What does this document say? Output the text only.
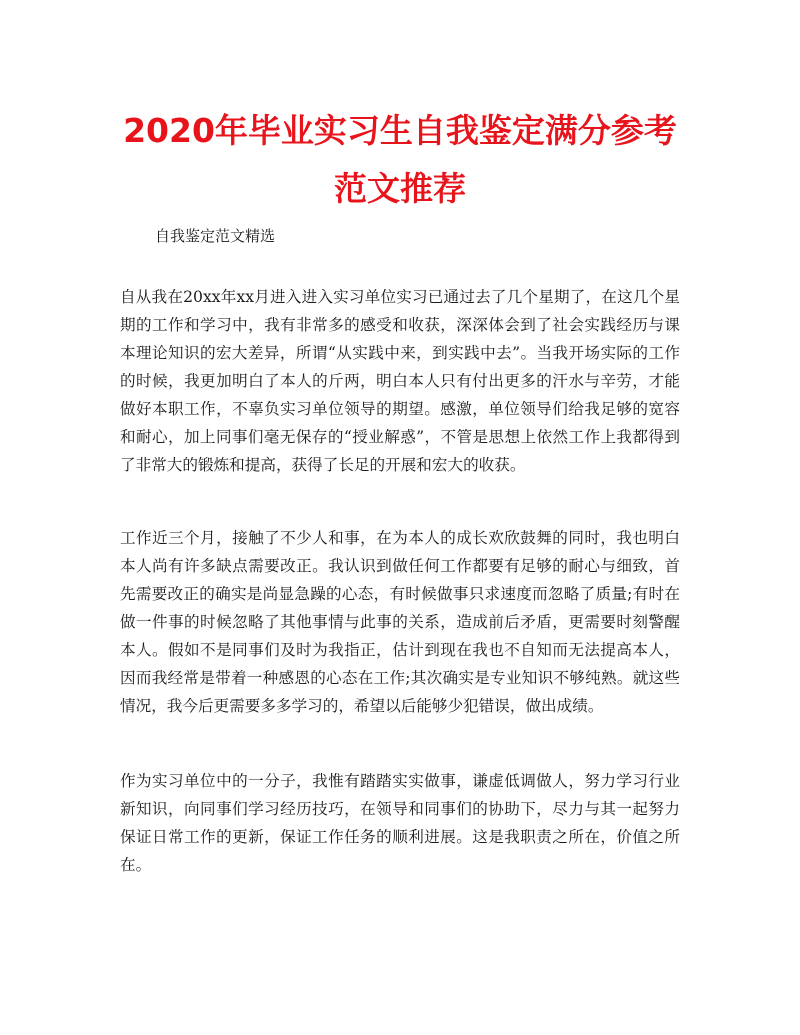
2020年毕业实习生自我鉴定满分参考范文推荐

自我鉴定范文精选

自从我在20xx年xx月进入进入实习单位实习已通过去了几个星期了，在这几个星期的工作和学习中，我有非常多的感受和收获，深深体会到了社会实践经历与课本理论知识的宏大差异，所谓“从实践中来，到实践中去”。当我开场实际的工作的时候，我更加明白了本人的斤两，明白本人只有付出更多的汗水与辛劳，才能做好本职工作，不辜负实习单位领导的期望。感激，单位领导们给我足够的宽容和耐心，加上同事们毫无保存的“授业解惑”，不管是思想上依然工作上我都得到了非常大的锻炼和提高，获得了长足的开展和宏大的收获。

工作近三个月，接触了不少人和事，在为本人的成长欢欣鼓舞的同时，我也明白本人尚有许多缺点需要改正。我认识到做任何工作都要有足够的耐心与细致，首先需要改正的确实是尚显急躁的心态，有时候做事只求速度而忽略了质量;有时在做一件事的时候忽略了其他事情与此事的关系，造成前后矛盾，更需要时刻警醒本人。假如不是同事们及时为我指正，估计到现在我也不自知而无法提高本人，因而我经常是带着一种感恩的心态在工作;其次确实是专业知识不够纯熟。就这些情况，我今后更需要多多学习的，希望以后能够少犯错误，做出成绩。

作为实习单位中的一分子，我惟有踏踏实实做事，谦虚低调做人，努力学习行业新知识，向同事们学习经历技巧，在领导和同事们的协助下，尽力与其一起努力保证日常工作的更新，保证工作任务的顺利进展。这是我职责之所在，价值之所在。
